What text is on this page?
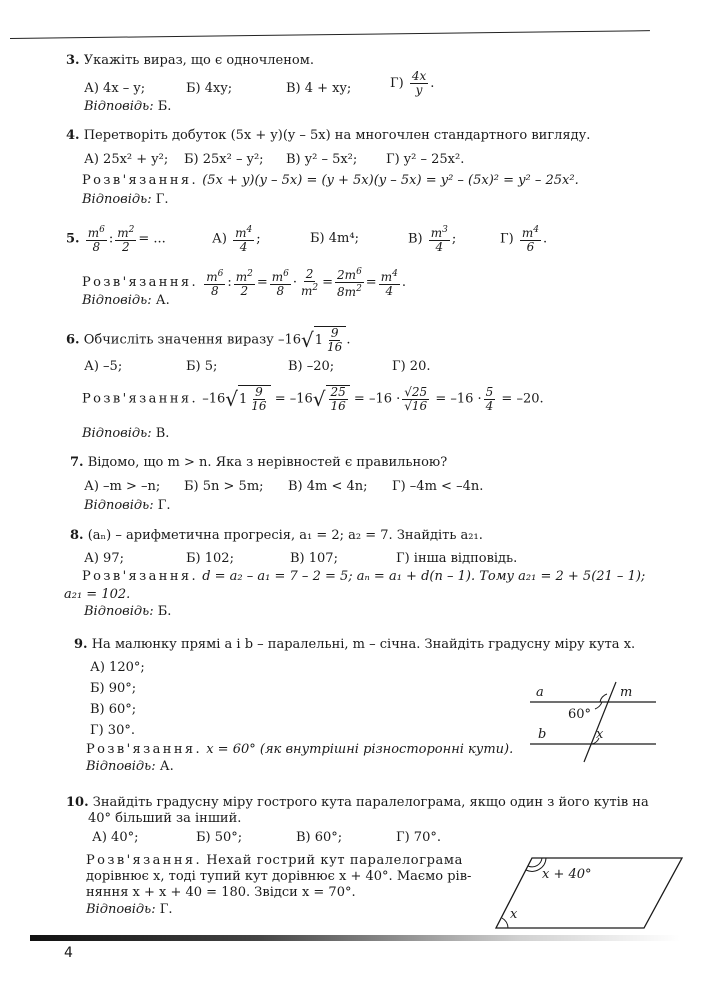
3. Укажіть вираз, що є одночленом.
А) 4x – y;	Б) 4xy;	В) 4 + xy;	$Г) \frac{4x}{y}$ .
Відповідь: Б.
4. Перетворіть добуток (5x + y)(y – 5x) на многочлен стандартного вигляду.
А) 25x² + y²; Б) 25x² – y²; В) y² – 5x²; Г) y² – 25x².
Розв'язання. (5x + y)(y – 5x) = (y + 5x)(y – 5x) = y² – (5x)² = y² – 25x².
Відповідь: Г.
5. $\frac{m^6}{8}$ : $\frac{m^2}{2}$ = ...	$А) \frac{m^4}{4}$ ;	Б) 4m⁴;	$В) \frac{m^3}{4}$ ;	$Г) \frac{m^4}{6}$ .
Розв'язання. $\frac{m^6}{8}$ : $\frac{m^2}{2} = \frac{m^6}{8} \cdot \frac{2}{m^2} = \frac{2m^6}{8m^2} = \frac{m^4}{4}$ .
Відповідь: А.
6. Обчисліть значення виразу $-16√1 \frac{9}{16}$ .
А) –5;	Б) 5;	В) –20;	Г) 20.
Розв'язання. $-16√1 \frac{9}{16} = -16√ \frac{25}{16} = -16 \cdot \frac{√25}{√16} = -16 \cdot \frac{5}{4} = -20$.
Відповідь: В.
7. Відомо, що m > n. Яка з нерівностей є правильною?
А) –m > –n; Б) 5n > 5m; В) 4m < 4n; Г) –4m < –4n.
Відповідь: Г.
8. (aₙ) – арифметична прогресія, a₁ = 2; a₂ = 7. Знайдіть a₂₁.
А) 97;	Б) 102;	В) 107;	Г) інша відповідь.
Розв'язання. d = a₂ – a₁ = 7 – 2 = 5; aₙ = a₁ + d(n – 1). Тому a₂₁ = 2 + 5(21 – 1);
a₂₁ = 102.
Відповідь: Б.
9. На малюнку прямі a і b – паралельні, m – січна. Знайдіть градусну міру кута x.
А) 120°;
Б) 90°;
В) 60°;
Г) 30°.
Розв'язання. x = 60° (як внутрішні різносторонні кути).
Відповідь: А.
a
b
m
60°
x
10. Знайдіть градусну міру гострого кута паралелограма, якщо один з його кутів на
40° більший за інший.
А) 40°;	Б) 50°;	В) 60°;	Г) 70°.
Розв'язання. Нехай гострий кут паралелограма
дорівнює x, тоді тупий кут дорівнює x + 40°. Маємо рів-
няння x + x + 40 = 180. Звідси x = 70°.
Відповідь: Г.
x + 40°
x
4
